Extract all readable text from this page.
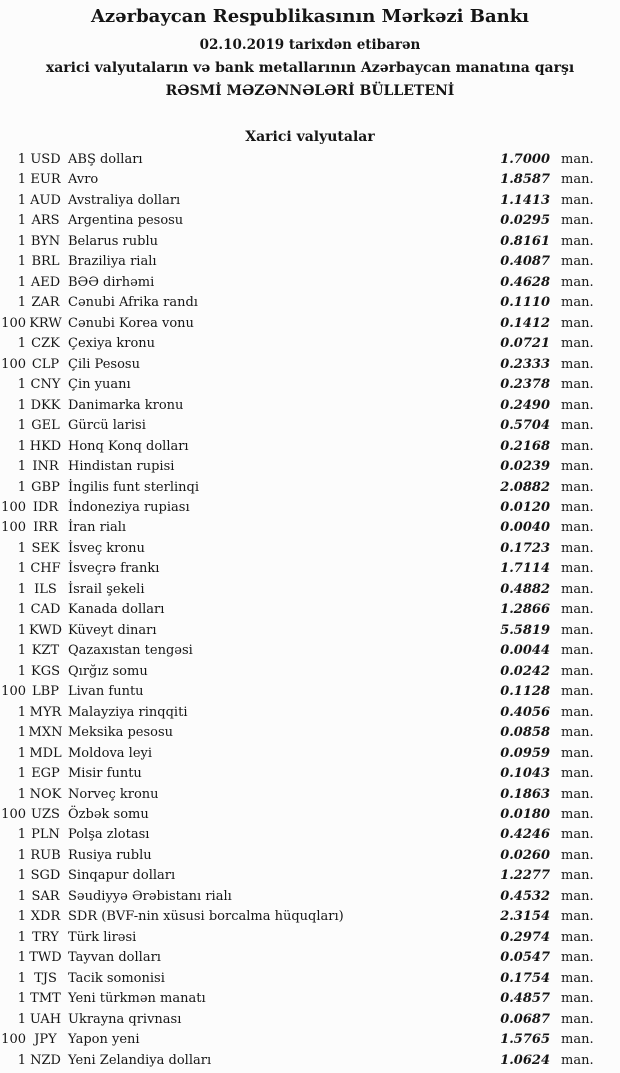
Azərbaycan Respublikasının Mərkəzi Bankı
02.10.2019 tarixdən etibarən
xarici valyutaların və bank metallarının Azərbaycan manatına qarşı
RƏSMİ MƏZƏNNƏLƏRİ BÜLLETENİ
Xarici valyutalar
1 USD ABŞ dolları	1.7000 man.
1 EUR Avro	1.8587 man.
1 AUD Avstraliya dolları	1.1413 man.
1 ARS Argentina pesosu	0.0295 man.
1 BYN Belarus rublu	0.8161 man.
1 BRL Braziliya rialı	0.4087 man.
1 AED BƏƏ dirhəmi	0.4628 man.
1 ZAR Cənubi Afrika randı	0.1110 man.
100 KRW Cənubi Korea vonu	0.1412 man.
1 CZK Çexiya kronu	0.0721 man.
100 CLP Çili Pesosu	0.2333 man.
1 CNY Çin yuanı	0.2378 man.
1 DKK Danimarka kronu	0.2490 man.
1 GEL Gürcü larisi	0.5704 man.
1 HKD Honq Konq dolları	0.2168 man.
1 INR Hindistan rupisi	0.0239 man.
1 GBP İngilis funt sterlinqi	2.0882 man.
100 IDR İndoneziya rupiası	0.0120 man.
100 IRR İran rialı	0.0040 man.
1 SEK İsveç kronu	0.1723 man.
1 CHF İsveçrə frankı	1.7114 man.
1 ILS İsrail şekeli	0.4882 man.
1 CAD Kanada dolları	1.2866 man.
1 KWD Küveyt dinarı	5.5819 man.
1 KZT Qazaxıstan tengəsi	0.0044 man.
1 KGS Qırğız somu	0.0242 man.
100 LBP Livan funtu	0.1128 man.
1 MYR Malayziya rinqqiti	0.4056 man.
1 MXN Meksika pesosu	0.0858 man.
1 MDL Moldova leyi	0.0959 man.
1 EGP Misir funtu	0.1043 man.
1 NOK Norveç kronu	0.1863 man.
100 UZS Özbək somu	0.0180 man.
1 PLN Polşa zlotası	0.4246 man.
1 RUB Rusiya rublu	0.0260 man.
1 SGD Sinqapur dolları	1.2277 man.
1 SAR Səudiyyə Ərəbistanı rialı	0.4532 man.
1 XDR SDR (BVF-nin xüsusi borcalma hüquqları)	2.3154 man.
1 TRY Türk lirəsi	0.2974 man.
1 TWD Tayvan dolları	0.0547 man.
1 TJS Tacik somonisi	0.1754 man.
1 TMT Yeni türkmən manatı	0.4857 man.
1 UAH Ukrayna qrivnası	0.0687 man.
100 JPY Yapon yeni	1.5765 man.
1 NZD Yeni Zelandiya dolları	1.0624 man.
